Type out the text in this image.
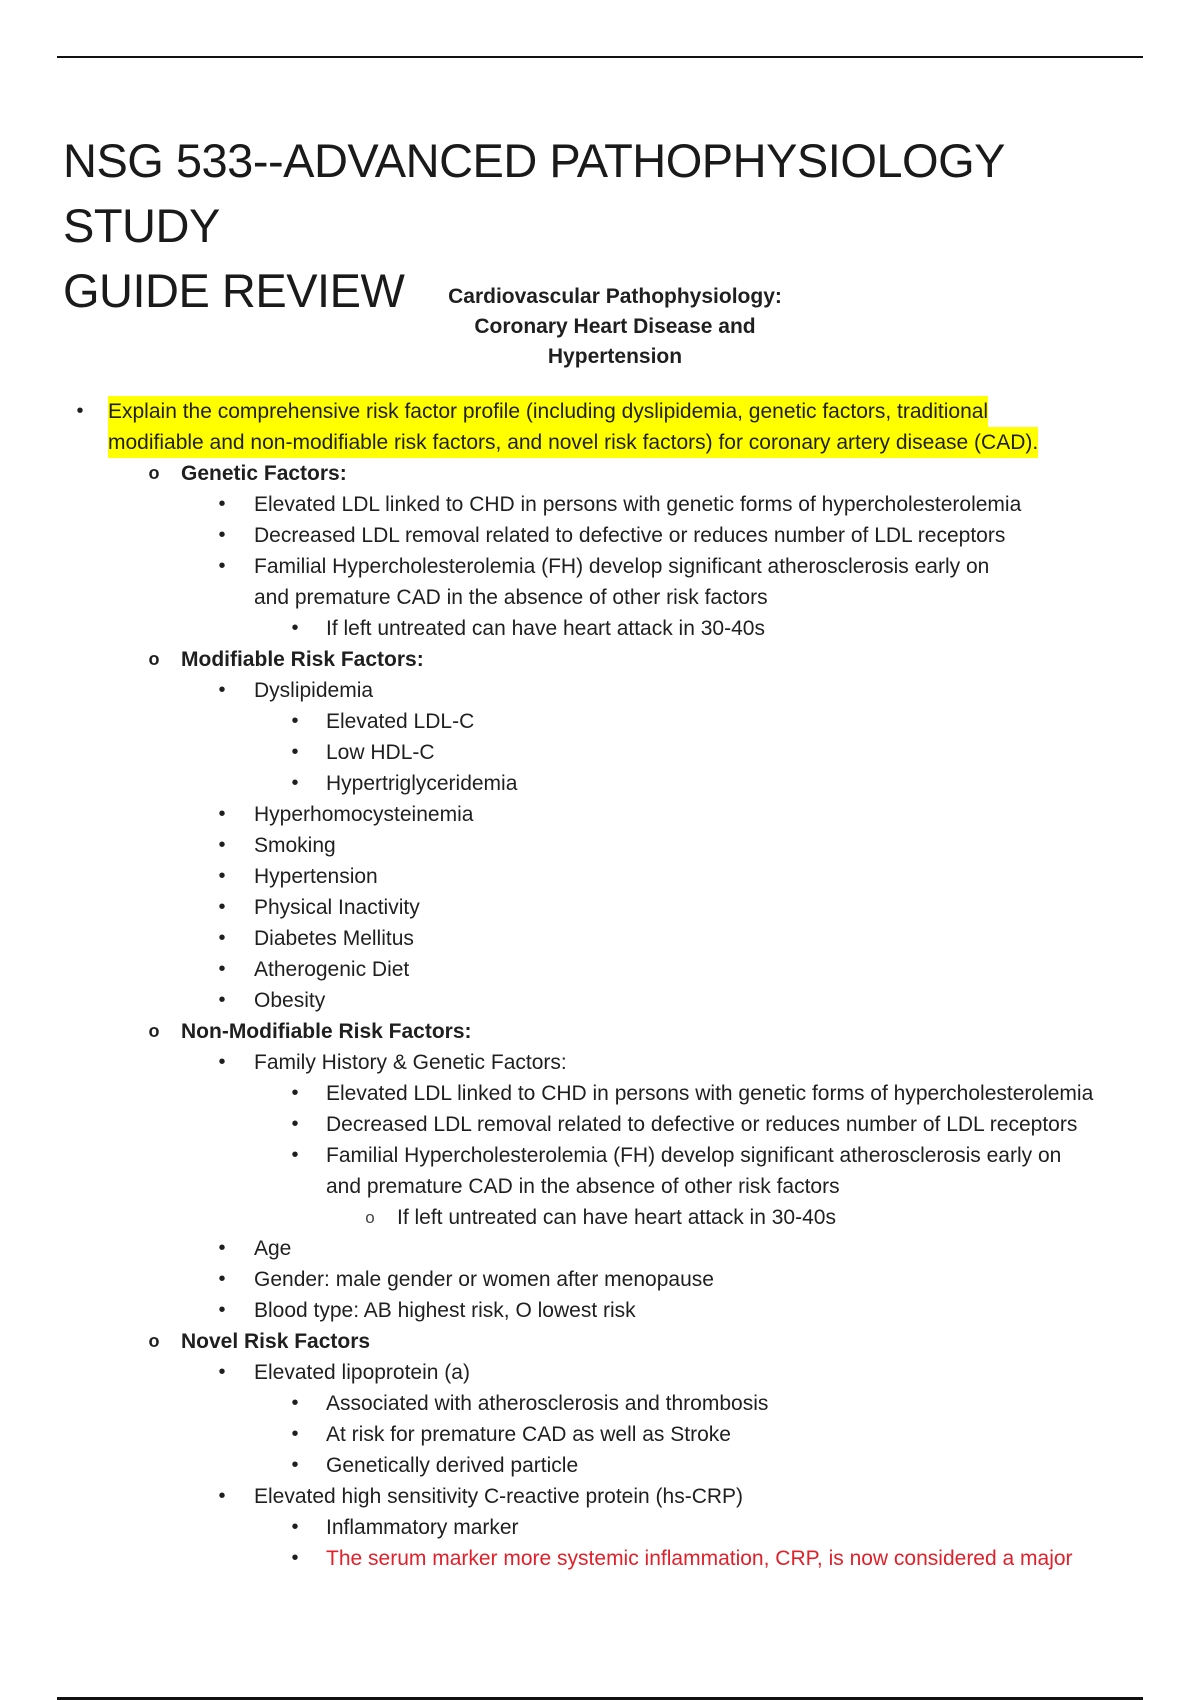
NSG 533--ADVANCED PATHOPHYSIOLOGY STUDY
GUIDE REVIEW	Cardiovascular Pathophysiology:
Coronary Heart Disease and
Hypertension
•	Explain the comprehensive risk factor profile (including dyslipidemia, genetic factors, traditional
modifiable and non-modifiable risk factors, and novel risk factors) for coronary artery disease (CAD).
o Genetic Factors:
•	Elevated LDL linked to CHD in persons with genetic forms of hypercholesterolemia
•	Decreased LDL removal related to defective or reduces number of LDL receptors
•	Familial Hypercholesterolemia (FH) develop significant atherosclerosis early on
and premature CAD in the absence of other risk factors
•	If left untreated can have heart attack in 30-40s
o Modifiable Risk Factors:
•	Dyslipidemia
•	Elevated LDL-C
•	Low HDL-C
•	Hypertriglyceridemia
•	Hyperhomocysteinemia
•	Smoking
•	Hypertension
•	Physical Inactivity
•	Diabetes Mellitus
•	Atherogenic Diet
•	Obesity
o Non-Modifiable Risk Factors:
•	Family History & Genetic Factors:
•	Elevated LDL linked to CHD in persons with genetic forms of hypercholesterolemia
•	Decreased LDL removal related to defective or reduces number of LDL receptors
•	Familial Hypercholesterolemia (FH) develop significant atherosclerosis early on
and premature CAD in the absence of other risk factors
o If left untreated can have heart attack in 30-40s
•	Age
•	Gender: male gender or women after menopause
•	Blood type: AB highest risk, O lowest risk
o Novel Risk Factors
•	Elevated lipoprotein (a)
•	Associated with atherosclerosis and thrombosis
•	At risk for premature CAD as well as Stroke
•	Genetically derived particle
•	Elevated high sensitivity C-reactive protein (hs-CRP)
•	Inflammatory marker
•	The serum marker more systemic inflammation, CRP, is now considered a major
